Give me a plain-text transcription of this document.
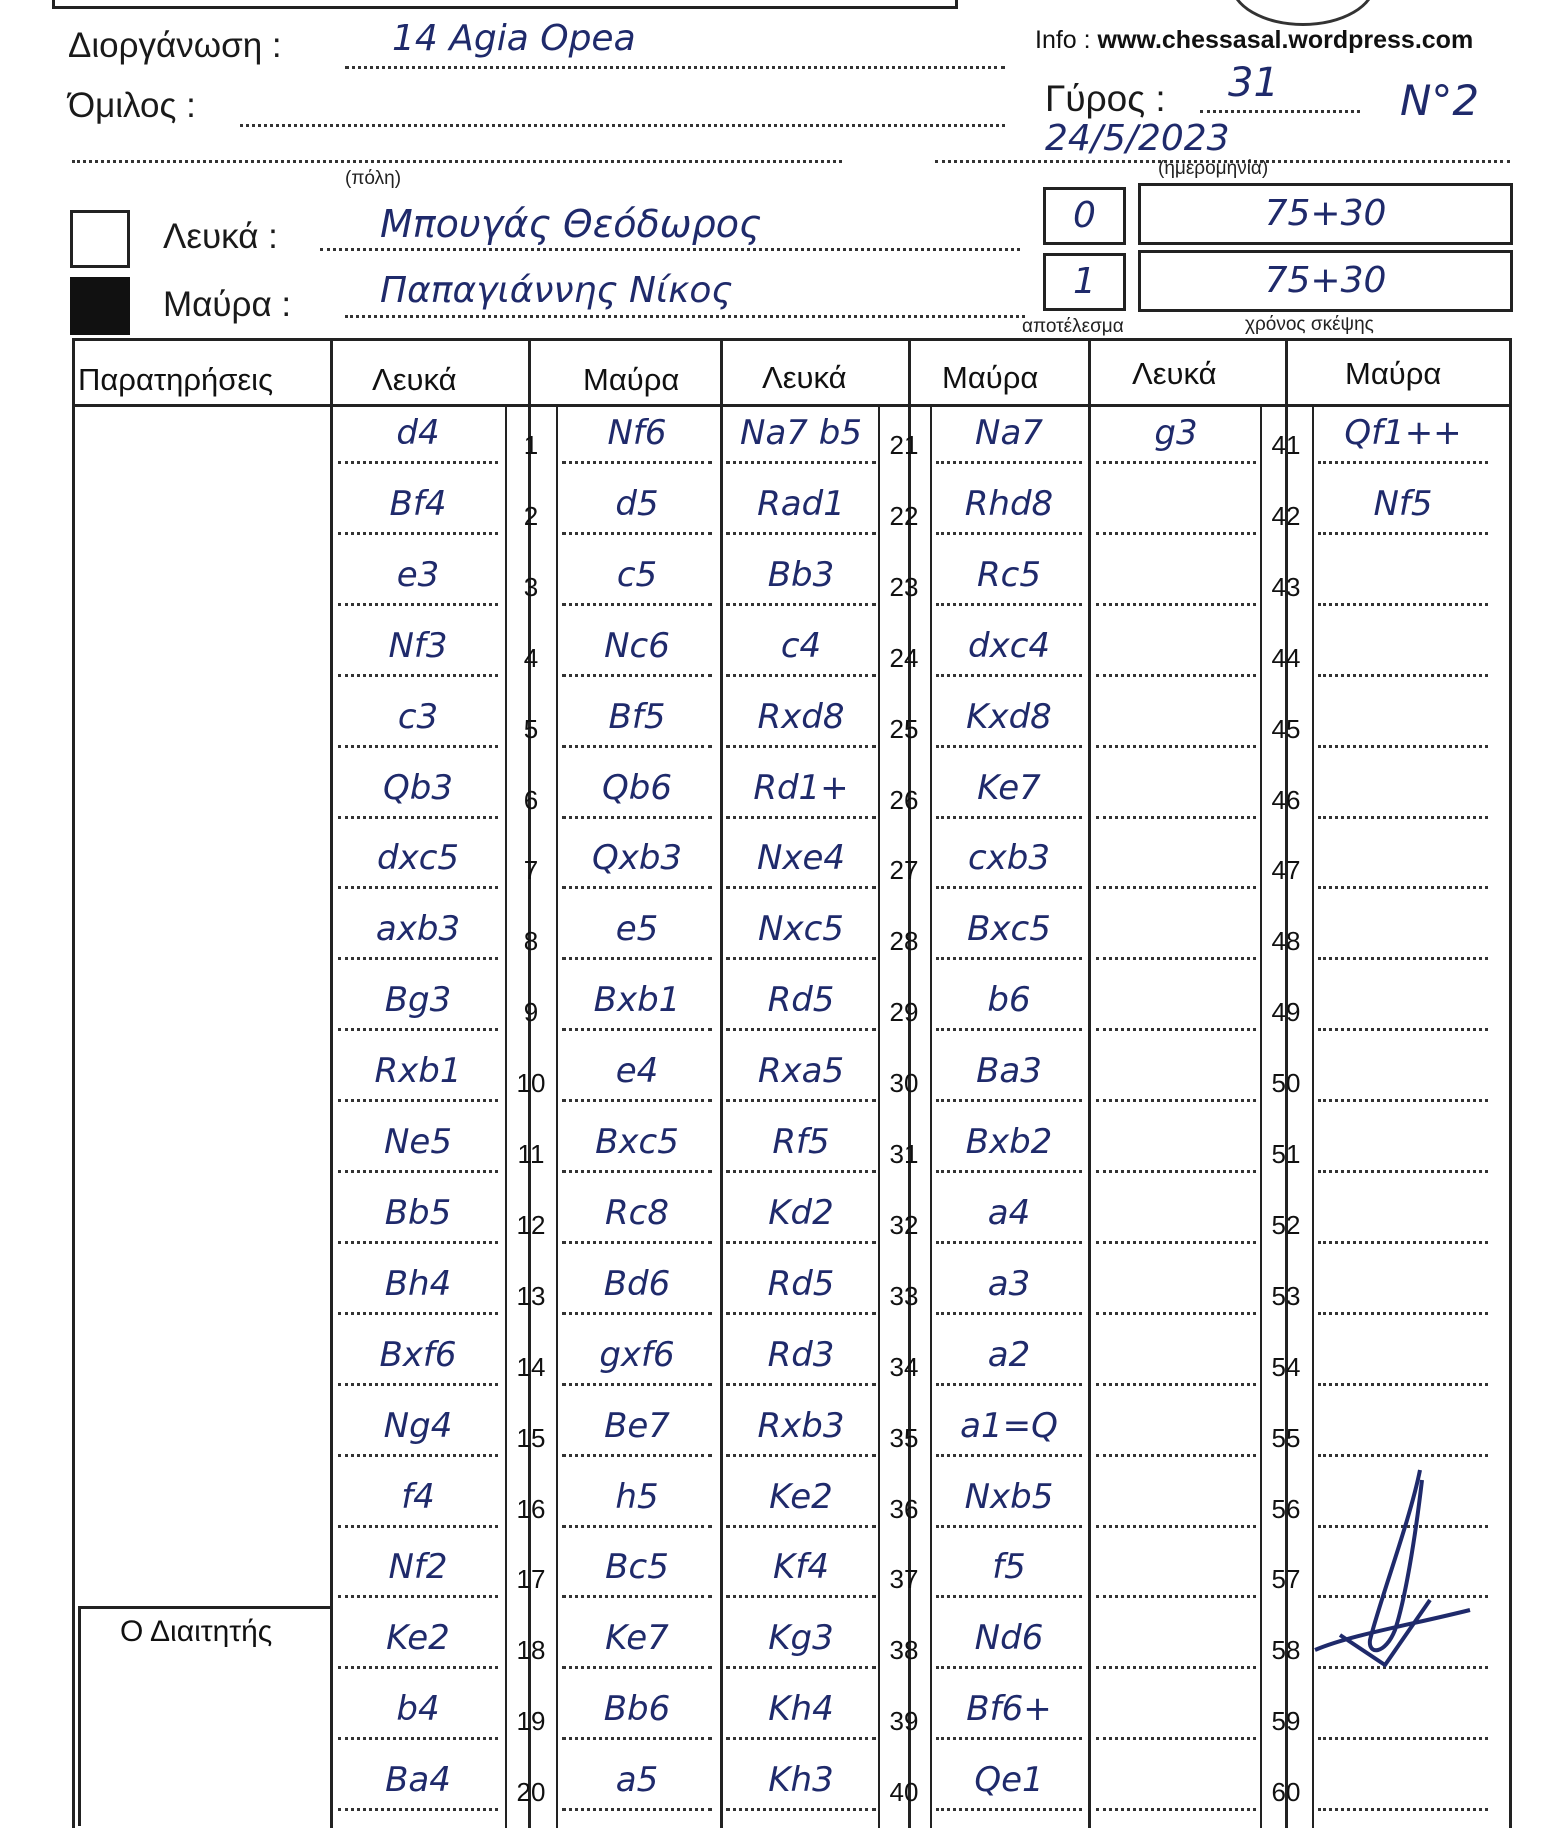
Διοργάνωση :	14 Agia Opea	Info : www.chessasal.wordpress.com
Όμιλος :	Γύρος : 31	N°2
(πόλη)
24/5/2023
(ημερομηνία)
Λευκά :	Μπουγάς Θεόδωρος
Μαύρα : Παπαγιάννης Νίκος
0	75+30
1	75+30
αποτέλεσμα	χρόνος σκέψης
Παρατηρήσεις	Λευκά	Μαύρα	Λευκά	Μαύρα	Λευκά	Μαύρα
Ο Διαιτητής
d4	1	Nf6
Bf4	2	d5
e3	3	c5
Nf3	4	Nc6
c3	5	Bf5
Qb3	6	Qb6
dxc5	7	Qxb3
axb3	8	e5
Bg3	9	Bxb1
Rxb1	10	e4
Ne5	11	Bxc5
Bb5	12	Rc8
Bh4	13	Bd6
Bxf6	14	gxf6
Ng4	15	Be7
f4	16	h5
Nf2	17	Bc5
Ke2	18	Ke7
b4	19	Bb6
Ba4	20	a5
Na7 b5	21	Na7
Rad1	22	Rhd8
Bb3	23	Rc5
c4	24	dxc4
Rxd8	25	Kxd8
Rd1+	26	Ke7
Nxe4	27	cxb3
Nxc5	28	Bxc5
Rd5	29	b6
Rxa5	30	Ba3
Rf5	31	Bxb2
Kd2	32	a4
Rd5	33	a3
Rd3	34	a2
Rxb3	35	a1=Q
Ke2	36	Nxb5
Kf4	37	f5
Kg3	38	Nd6
Kh4	39	Bf6+
Kh3	40	Qe1
g3	41	Qf1++
42	Nf5
43
44
45
46
47
48
49
50
51
52
53
54
55
56
57
58
59
60
